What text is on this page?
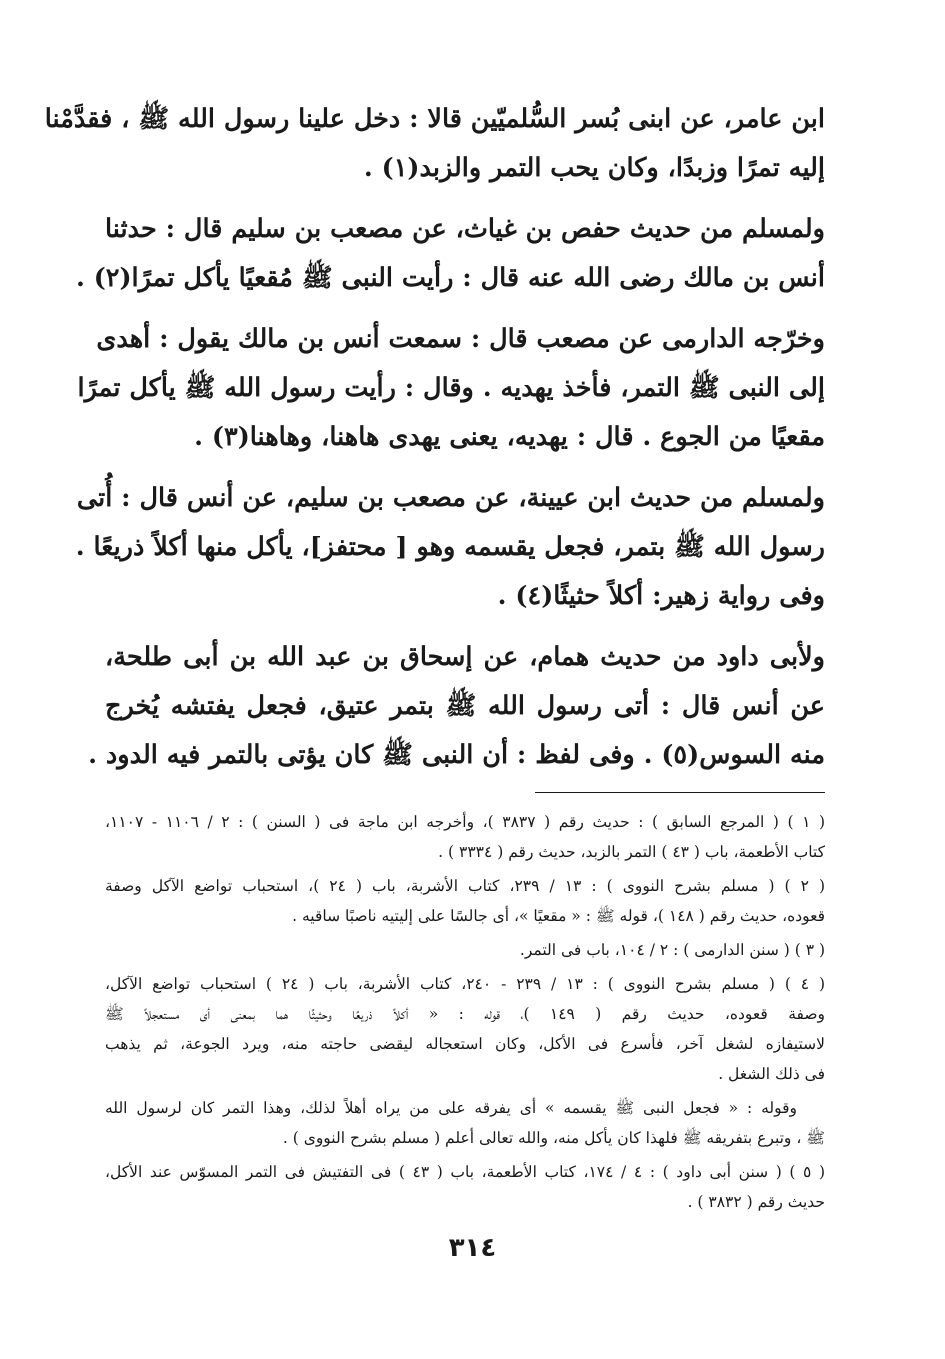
ابن عامر، عن ابنى بُسر السُّلميّين قالا : دخل علينا رسول الله ﷺ ، فقدَّمْنا
إليه تمرًا وزبدًا، وكان يحب التمر والزبد(١) .
ولمسلم من حديث حفص بن غياث، عن مصعب بن سليم قال : حدثنا
أنس بن مالك رضى الله عنه قال : رأيت النبى ﷺ مُقعيًا يأكل تمرًا(٢) .
وخرّجه الدارمى عن مصعب قال : سمعت أنس بن مالك يقول : أهدى
إلى النبى ﷺ التمر، فأخذ يهديه . وقال : رأيت رسول الله ﷺ يأكل تمرًا
مقعيًا من الجوع . قال : يهديه، يعنى يهدى هاهنا، وهاهنا(٣) .
ولمسلم من حديث ابن عيينة، عن مصعب بن سليم، عن أنس قال : أُتى
رسول الله ﷺ بتمر، فجعل يقسمه وهو [ محتفز]، يأكل منها أكلاً ذريعًا .
وفى رواية زهير: أكلاً حثيثًا(٤) .
ولأبى داود من حديث همام، عن إسحاق بن عبد الله بن أبى طلحة،
عن أنس قال : أتى رسول الله ﷺ بتمر عتيق، فجعل يفتشه يُخرج
منه السوس(٥) . وفى لفظ : أن النبى ﷺ كان يؤتى بالتمر فيه الدود .
( ١ ) ( المرجع السابق ) : حديث رقم ( ٣٨٣٧ )، وأخرجه ابن ماجة فى ( السنن ) : ٢ / ١١٠٦ - ١١٠٧،
كتاب الأطعمة، باب ( ٤٣ ) التمر بالزبد، حديث رقم ( ٣٣٣٤ ) .
( ٢ ) ( مسلم بشرح النووى ) : ١٣ / ٢٣٩، كتاب الأشربة، باب ( ٢٤ )، استحباب تواضع الآكل وصفة
قعوده، حديث رقم ( ١٤٨ )، قوله ﷺ : « مقعيًا »، أى جالسًا على إليتيه ناصبًا ساقيه .
( ٣ ) ( سنن الدارمى ) : ٢ / ١٠٤، باب فى التمر.
( ٤ ) ( مسلم بشرح النووى ) : ١٣ / ٢٣٩ - ٢٤٠، كتاب الأشربة، باب ( ٢٤ ) استحباب تواضع الآكل،
وصفة قعوده، حديث رقم ( ١٤٩ )، قوله : « أكلاً ذريعًا وحثيثًا هما بمعنى أى مستعجلاً ﷺ
لاستيفازه لشغل آخر، فأسرع فى الأكل، وكان استعجاله ليقضى حاجته منه، ويرد الجوعة، ثم يذهب
فى ذلك الشغل .
وقوله : « فجعل النبى ﷺ يقسمه » أى يفرقه على من يراه أهلاً لذلك، وهذا التمر كان لرسول الله
ﷺ ، وتبرع بتفريقه ﷺ فلهذا كان يأكل منه، والله تعالى أعلم ( مسلم بشرح النووى ) .
( ٥ ) ( سنن أبى داود ) : ٤ / ١٧٤، كتاب الأطعمة، باب ( ٤٣ ) فى التفتيش فى التمر المسوّس عند الأكل،
حديث رقم ( ٣٨٣٢ ) .
٣١٤
